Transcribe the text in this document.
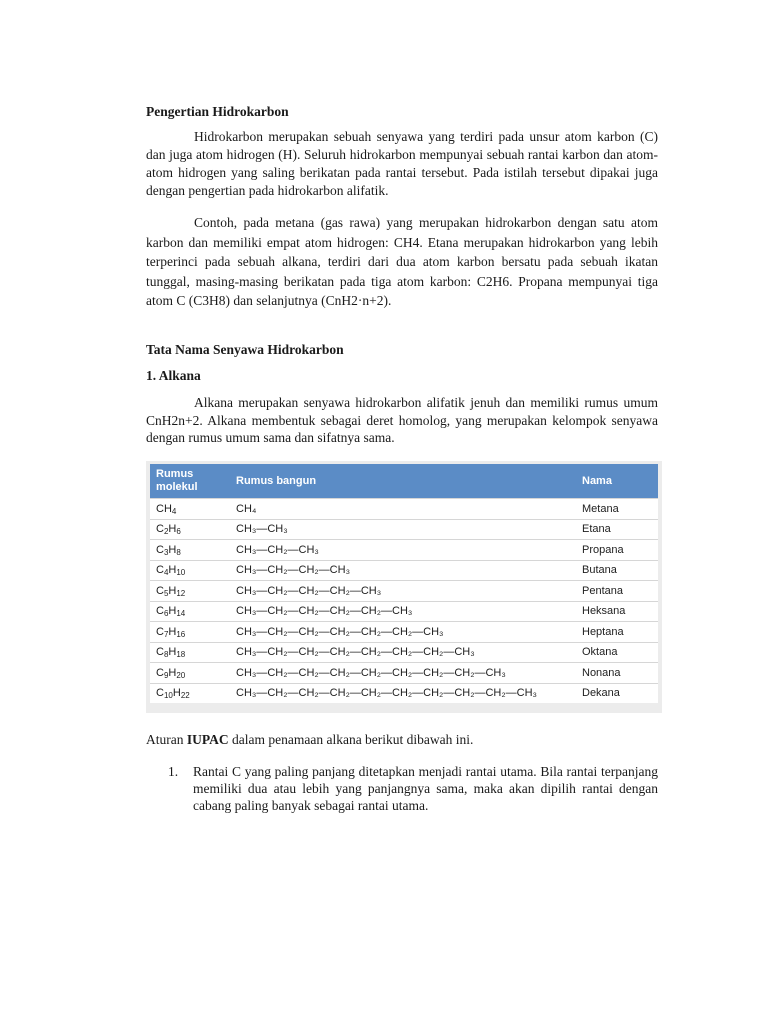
Pengertian Hidrokarbon

Hidrokarbon merupakan sebuah senyawa yang terdiri pada unsur atom karbon (C) dan juga atom hidrogen (H). Seluruh hidrokarbon mempunyai sebuah rantai karbon dan atom-atom hidrogen yang saling berikatan pada rantai tersebut. Pada istilah tersebut dipakai juga dengan pengertian pada hidrokarbon alifatik.

Contoh, pada metana (gas rawa) yang merupakan hidrokarbon dengan satu atom karbon dan memiliki empat atom hidrogen: CH4. Etana merupakan hidrokarbon yang lebih terperinci pada sebuah alkana, terdiri dari dua atom karbon bersatu pada sebuah ikatan tunggal, masing-masing berikatan pada tiga atom karbon: C2H6. Propana mempunyai tiga atom C (C3H8) dan selanjutnya (CnH2·n+2).

Tata Nama Senyawa Hidrokarbon
1. Alkana

Alkana merupakan senyawa hidrokarbon alifatik jenuh dan memiliki rumus umum CnH2n+2. Alkana membentuk sebagai deret homolog, yang merupakan kelompok senyawa dengan rumus umum sama dan sifatnya sama.

Rumus molekul	Rumus bangun	Nama
$CH_4$	CH₄	Metana
$C_2H_6$	CH₃—CH₃	Etana
$C_3H_8$	CH₃—CH₂—CH₃	Propana
$C_4H_{10}$	CH₃—CH₂—CH₂—CH₃	Butana
$C_5H_{12}$	CH₃—CH₂—CH₂—CH₂—CH₃	Pentana
$C_6H_{14}$	CH₃—CH₂—CH₂—CH₂—CH₂—CH₃	Heksana
$C_7H_{16}$	CH₃—CH₂—CH₂—CH₂—CH₂—CH₂—CH₃	Heptana
$C_8H_{18}$	CH₃—CH₂—CH₂—CH₂—CH₂—CH₂—CH₂—CH₃	Oktana
$C_9H_{20}$	CH₃—CH₂—CH₂—CH₂—CH₂—CH₂—CH₂—CH₂—CH₃	Nonana
$C_{10}H_{22}$	CH₃—CH₂—CH₂—CH₂—CH₂—CH₂—CH₂—CH₂—CH₂—CH₃	Dekana

Aturan IUPAC dalam penamaan alkana berikut dibawah ini.

1. Rantai C yang paling panjang ditetapkan menjadi rantai utama. Bila rantai terpanjang memiliki dua atau lebih yang panjangnya sama, maka akan dipilih rantai dengan cabang paling banyak sebagai rantai utama.
